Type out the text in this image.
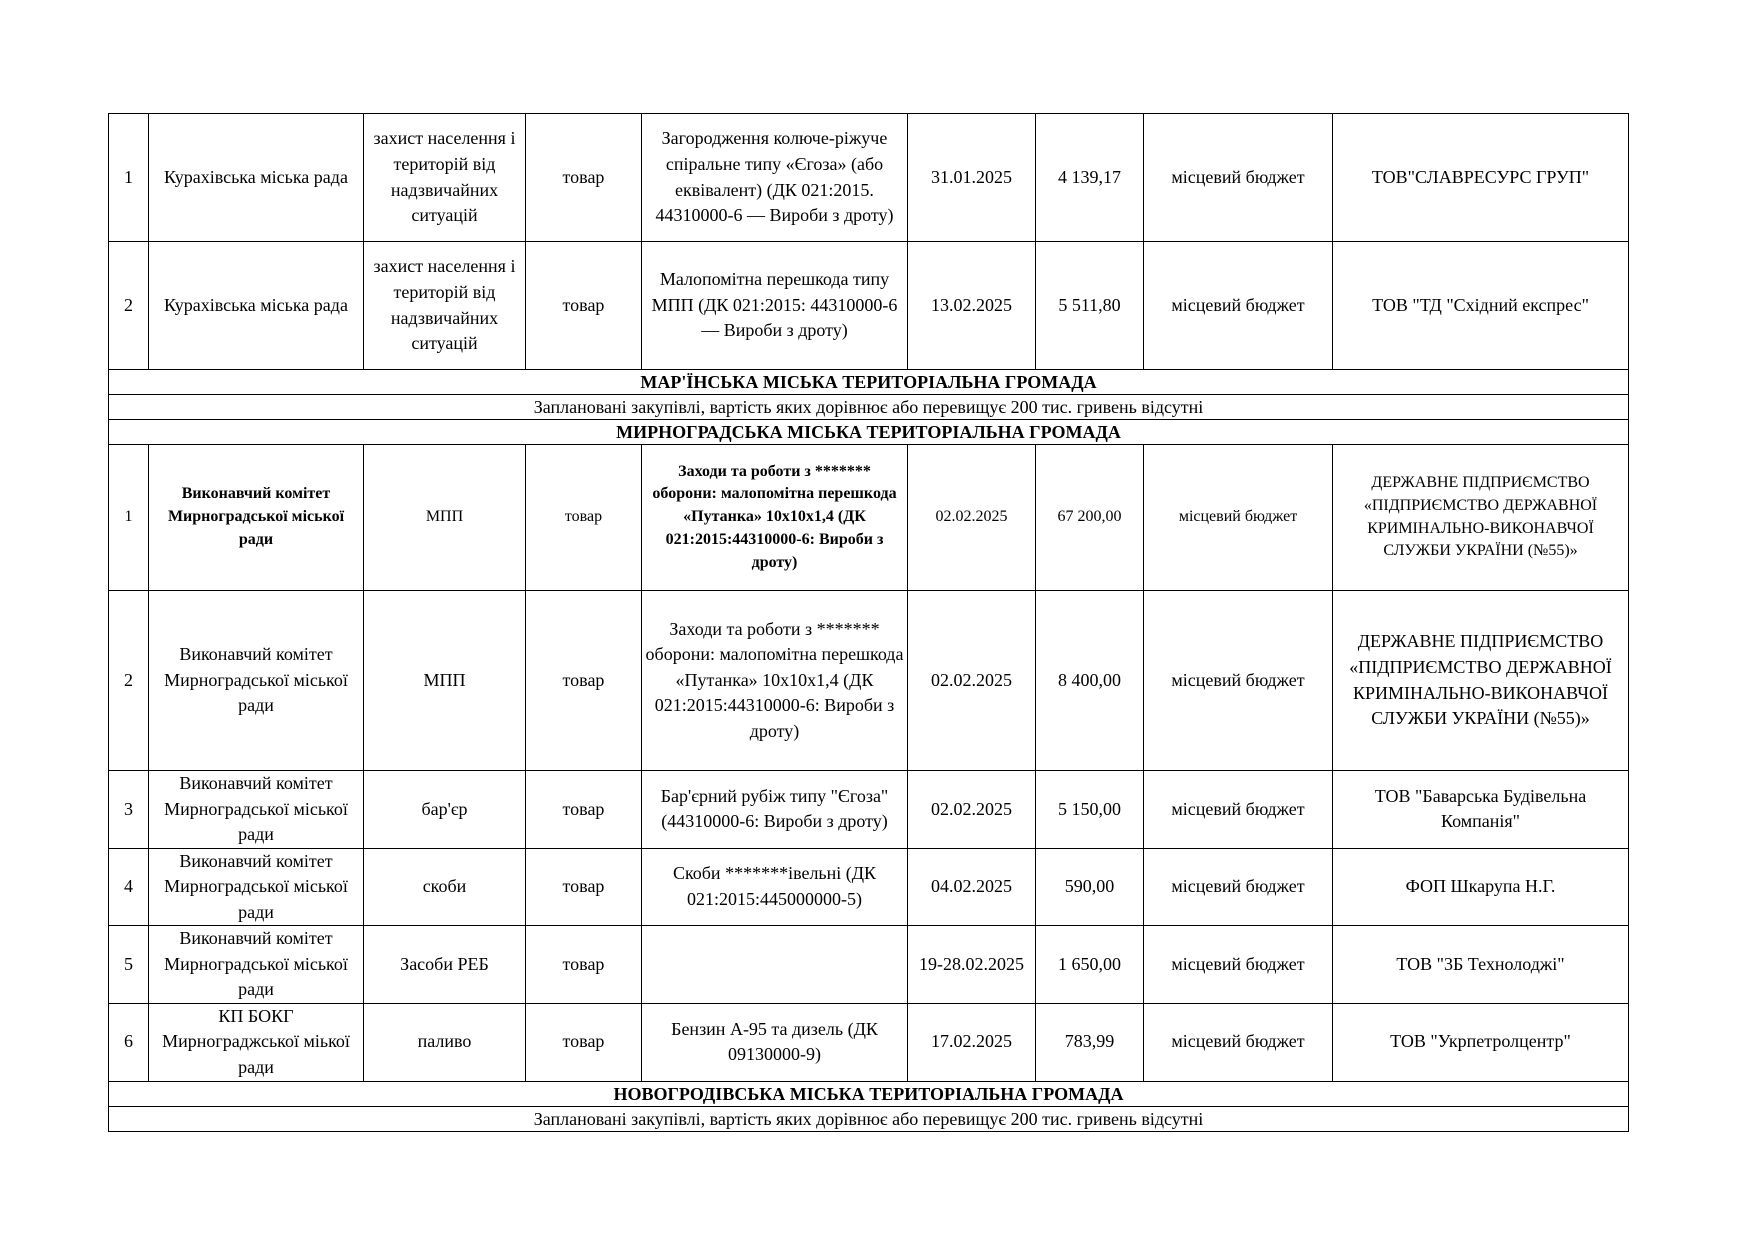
1	Курахівська міська рада	захист населення і територій від надзвичайних ситуацій	товар	Загородження колюче-ріжуче спіральне типу «Єгоза» (або еквівалент) (ДК 021:2015. 44310000-6 — Вироби з дроту)	31.01.2025	4 139,17	місцевий бюджет	ТОВ"СЛАВРЕСУРС ГРУП"
2	Курахівська міська рада	захист населення і територій від надзвичайних ситуацій	товар	Малопомітна перешкода типу МПП (ДК 021:2015: 44310000-6 — Вироби з дроту)	13.02.2025	5 511,80	місцевий бюджет	ТОВ "ТД "Східний експрес"
МАР'ЇНСЬКА МІСЬКА ТЕРИТОРІАЛЬНА ГРОМАДА								
Заплановані закупівлі, вартість яких дорівнює або перевищує 200 тис. гривень відсутні								
МИРНОГРАДСЬКА МІСЬКА ТЕРИТОРІАЛЬНА ГРОМАДА								
1	Виконавчий комітет Мирноградської міської ради	МПП	товар	Заходи та роботи з ******* оборони: малопомітна перешкода «Путанка» 10х10х1,4 (ДК 021:2015:44310000-6: Вироби з дроту)	02.02.2025	67 200,00	місцевий бюджет	ДЕРЖАВНЕ ПІДПРИЄМСТВО «ПІДПРИЄМСТВО ДЕРЖАВНОЇ КРИМІНАЛЬНО-ВИКОНАВЧОЇ СЛУЖБИ УКРАЇНИ (№55)»
2	Виконавчий комітет Мирноградської міської ради	МПП	товар	Заходи та роботи з ******* оборони: малопомітна перешкода «Путанка» 10х10х1,4 (ДК 021:2015:44310000-6: Вироби з дроту)	02.02.2025	8 400,00	місцевий бюджет	ДЕРЖАВНЕ ПІДПРИЄМСТВО «ПІДПРИЄМСТВО ДЕРЖАВНОЇ КРИМІНАЛЬНО-ВИКОНАВЧОЇ СЛУЖБИ УКРАЇНИ (№55)»
3	Виконавчий комітет Мирноградської міської ради	бар'єр	товар	Бар'єрний рубіж типу "Єгоза" (44310000-6: Вироби з дроту)	02.02.2025	5 150,00	місцевий бюджет	ТОВ "Баварська Будівельна Компанія"
4	Виконавчий комітет Мирноградської міської ради	скоби	товар	Скоби *******івельні (ДК 021:2015:445000000-5)	04.02.2025	590,00	місцевий бюджет	ФОП Шкарупа Н.Г.
5	Виконавчий комітет Мирноградської міської ради	Засоби РЕБ	товар		19-28.02.2025	1 650,00	місцевий бюджет	ТОВ "3Б Технолоджі"
6	КП БОКГ Мирнограджської міької ради	паливо	товар	Бензин А-95 та дизель (ДК 09130000-9)	17.02.2025	783,99	місцевий бюджет	ТОВ "Укрпетролцентр"
НОВОГРОДІВСЬКА МІСЬКА ТЕРИТОРІАЛЬНА ГРОМАДА								
Заплановані закупівлі, вартість яких дорівнює або перевищує 200 тис. гривень відсутні								
